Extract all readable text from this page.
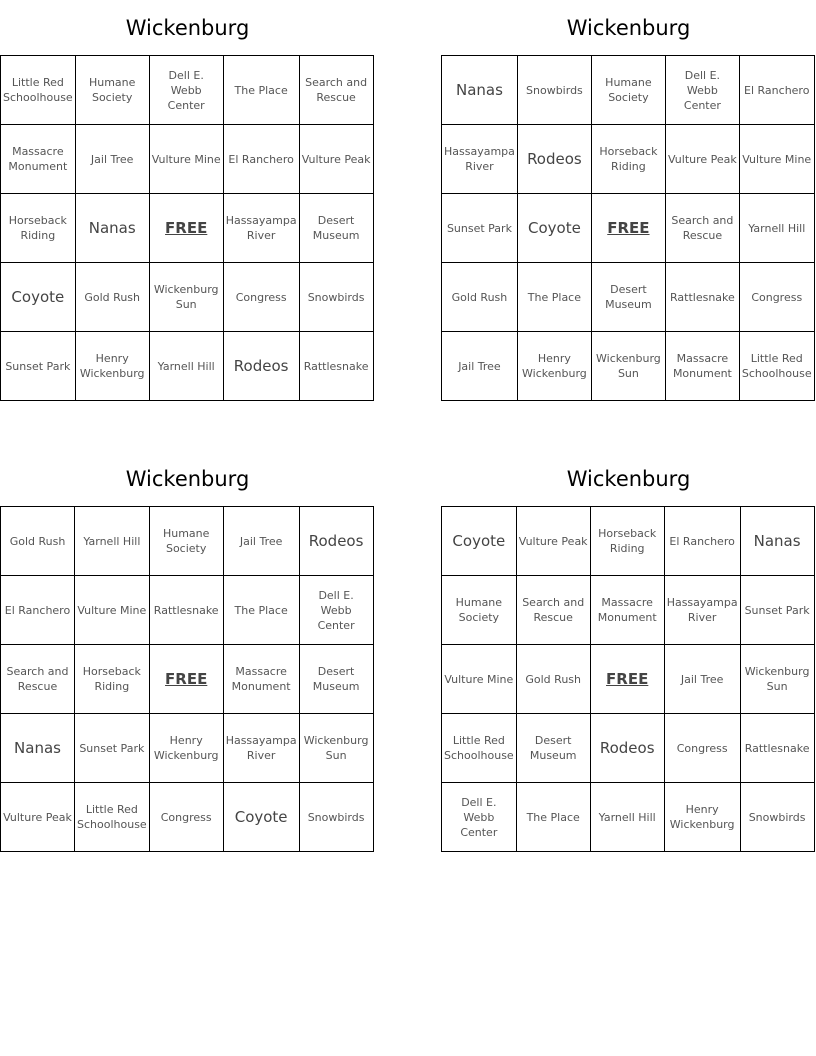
Wickenburg
Little Red Schoolhouse	Humane Society	Dell E. Webb Center	The Place	Search and Rescue
Massacre Monument	Jail Tree	Vulture Mine	El Ranchero	Vulture Peak
Horseback Riding	Nanas	FREE	Hassayampa River	Desert Museum
Coyote	Gold Rush	Wickenburg Sun	Congress	Snowbirds
Sunset Park	Henry Wickenburg	Yarnell Hill	Rodeos	Rattlesnake
Wickenburg
Nanas	Snowbirds	Humane Society	Dell E. Webb Center	El Ranchero
Hassayampa River	Rodeos	Horseback Riding	Vulture Peak	Vulture Mine
Sunset Park	Coyote	FREE	Search and Rescue	Yarnell Hill
Gold Rush	The Place	Desert Museum	Rattlesnake	Congress
Jail Tree	Henry Wickenburg	Wickenburg Sun	Massacre Monument	Little Red Schoolhouse
Wickenburg
Gold Rush	Yarnell Hill	Humane Society	Jail Tree	Rodeos
El Ranchero	Vulture Mine	Rattlesnake	The Place	Dell E. Webb Center
Search and Rescue	Horseback Riding	FREE	Massacre Monument	Desert Museum
Nanas	Sunset Park	Henry Wickenburg	Hassayampa River	Wickenburg Sun
Vulture Peak	Little Red Schoolhouse	Congress	Coyote	Snowbirds
Wickenburg
Coyote	Vulture Peak	Horseback Riding	El Ranchero	Nanas
Humane Society	Search and Rescue	Massacre Monument	Hassayampa River	Sunset Park
Vulture Mine	Gold Rush	FREE	Jail Tree	Wickenburg Sun
Little Red Schoolhouse	Desert Museum	Rodeos	Congress	Rattlesnake
Dell E. Webb Center	The Place	Yarnell Hill	Henry Wickenburg	Snowbirds
